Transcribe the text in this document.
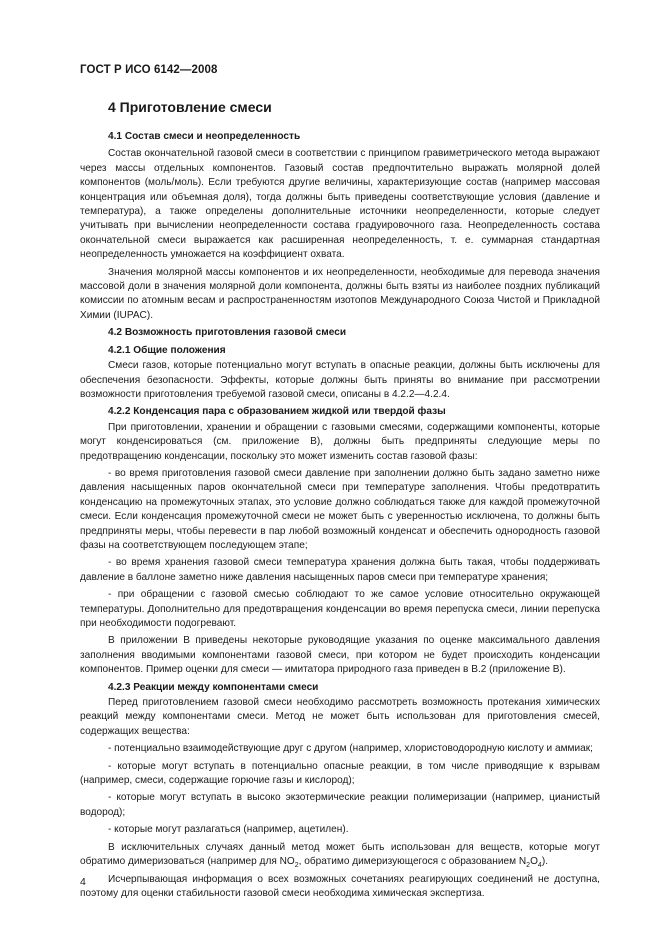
ГОСТ Р ИСО 6142—2008
4 Приготовление смеси
4.1 Состав смеси и неопределенность

Состав окончательной газовой смеси в соответствии с принципом гравиметрического метода выражают через массы отдельных компонентов. Газовый состав предпочтительно выражать молярной долей компонентов (моль/моль). Если требуются другие величины, характеризующие состав (например массовая концентрация или объемная доля), тогда должны быть приведены соответствующие условия (давление и температура), а также определены дополнительные источники неопределенности, которые следует учитывать при вычислении неопределенности состава градуировочного газа. Неопределенность состава окончательной смеси выражается как расширенная неопределенность, т. е. суммарная стандартная неопределенность умножается на коэффициент охвата.

Значения молярной массы компонентов и их неопределенности, необходимые для перевода значения массовой доли в значения молярной доли компонента, должны быть взяты из наиболее поздних публикаций комиссии по атомным весам и распространенностям изотопов Международного Союза Чистой и Прикладной Химии (IUPAC).

4.2 Возможность приготовления газовой смеси
4.2.1 Общие положения

Смеси газов, которые потенциально могут вступать в опасные реакции, должны быть исключены для обеспечения безопасности. Эффекты, которые должны быть приняты во внимание при рассмотрении возможности приготовления требуемой газовой смеси, описаны в 4.2.2—4.2.4.

4.2.2 Конденсация пара с образованием жидкой или твердой фазы

При приготовлении, хранении и обращении с газовыми смесями, содержащими компоненты, которые могут конденсироваться (см. приложение В), должны быть предприняты следующие меры по предотвращению конденсации, поскольку это может изменить состав газовой фазы:

- во время приготовления газовой смеси давление при заполнении должно быть задано заметно ниже давления насыщенных паров окончательной смеси при температуре заполнения. Чтобы предотвратить конденсацию на промежуточных этапах, это условие должно соблюдаться также для каждой промежуточной смеси. Если конденсация промежуточной смеси не может быть с уверенностью исключена, то должны быть предприняты меры, чтобы перевести в пар любой возможный конденсат и обеспечить однородность газовой фазы на соответствующем последующем этапе;

- во время хранения газовой смеси температура хранения должна быть такая, чтобы поддерживать давление в баллоне заметно ниже давления насыщенных паров смеси при температуре хранения;

- при обращении с газовой смесью соблюдают то же самое условие относительно окружающей температуры. Дополнительно для предотвращения конденсации во время перепуска смеси, линии перепуска при необходимости подогревают.

В приложении В приведены некоторые руководящие указания по оценке максимального давления заполнения вводимыми компонентами газовой смеси, при котором не будет происходить конденсации компонентов. Пример оценки для смеси — имитатора природного газа приведен в В.2 (приложение В).

4.2.3 Реакции между компонентами смеси

Перед приготовлением газовой смеси необходимо рассмотреть возможность протекания химических реакций между компонентами смеси. Метод не может быть использован для приготовления смесей, содержащих вещества:

- потенциально взаимодействующие друг с другом (например, хлористоводородную кислоту и аммиак;

- которые могут вступать в потенциально опасные реакции, в том числе приводящие к взрывам (например, смеси, содержащие горючие газы и кислород);

- которые могут вступать в высоко экзотермические реакции полимеризации (например, цианистый водород);

- которые могут разлагаться (например, ацетилен).

В исключительных случаях данный метод может быть использован для веществ, которые могут обратимо димеризоваться (например для $NO_2$, обратимо димеризующегося с образованием $N_2O_4$).

Исчерпывающая информация о всех возможных сочетаниях реагирующих соединений не доступна, поэтому для оценки стабильности газовой смеси необходима химическая экспертиза.

4
